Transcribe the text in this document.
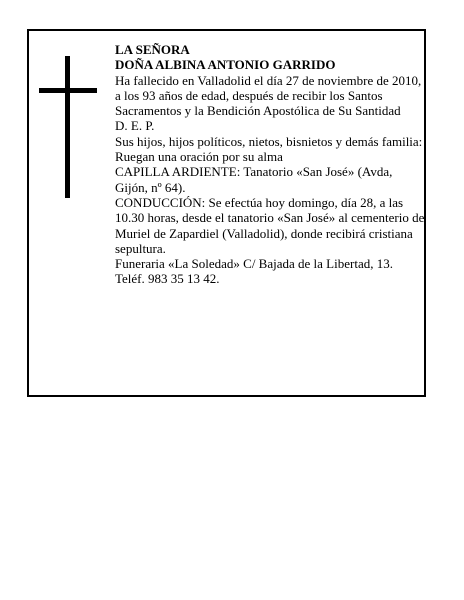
LA SEÑORA

DOÑA ALBINA ANTONIO GARRIDO

Ha fallecido en Valladolid el día 27 de noviembre de 2010, a los 93 años de edad, después de recibir los Santos Sacramentos y la Bendición Apostólica de Su Santidad

D. E. P.

Sus hijos, hijos políticos, nietos, bisnietos y demás familia:

Ruegan una oración por su alma

CAPILLA ARDIENTE: Tanatorio «San José» (Avda, Gijón, nº 64).

CONDUCCIÓN: Se efectúa hoy domingo, día 28, a las 10.30 horas, desde el tanatorio «San José» al cementerio de Muriel de Zapardiel (Valladolid), donde recibirá cristiana sepultura.

Funeraria «La Soledad» C/ Bajada de la Libertad, 13. Teléf. 983 35 13 42.
